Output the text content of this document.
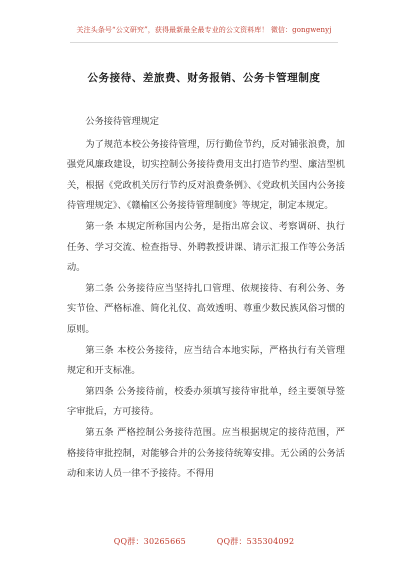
关注头条号“公文研究”，获得最新最全最专业的公文资料库！ 微信：gongwenyj
公务接待、差旅费、财务报销、公务卡管理制度

公务接待管理规定

为了规范本校公务接待管理，厉行勤俭节约，反对铺张浪费，加强党风廉政建设，切实控制公务接待费用支出打造节约型、廉洁型机关，根据《党政机关厉行节约反对浪费条例》、《党政机关国内公务接待管理规定》、《赣榆区公务接待管理制度》等规定，制定本规定。

第一条 本规定所称国内公务，是指出席会议、考察调研、执行任务、学习交流、检查指导、外聘教授讲课、请示汇报工作等公务活动。

第二条 公务接待应当坚持扎口管理、依规接待、有利公务、务实节俭、严格标准、简化礼仪、高效透明、尊重少数民族风俗习惯的原则。

第三条 本校公务接待，应当结合本地实际，严格执行有关管理规定和开支标准。

第四条 公务接待前，校委办须填写接待审批单，经主要领导签字审批后，方可接待。

第五条 严格控制公务接待范围。应当根据规定的接待范围，严格接待审批控制，对能够合并的公务接待统筹安排。无公函的公务活动和来访人员一律不予接待。不得用

QQ群：30265665	QQ群：535304092
